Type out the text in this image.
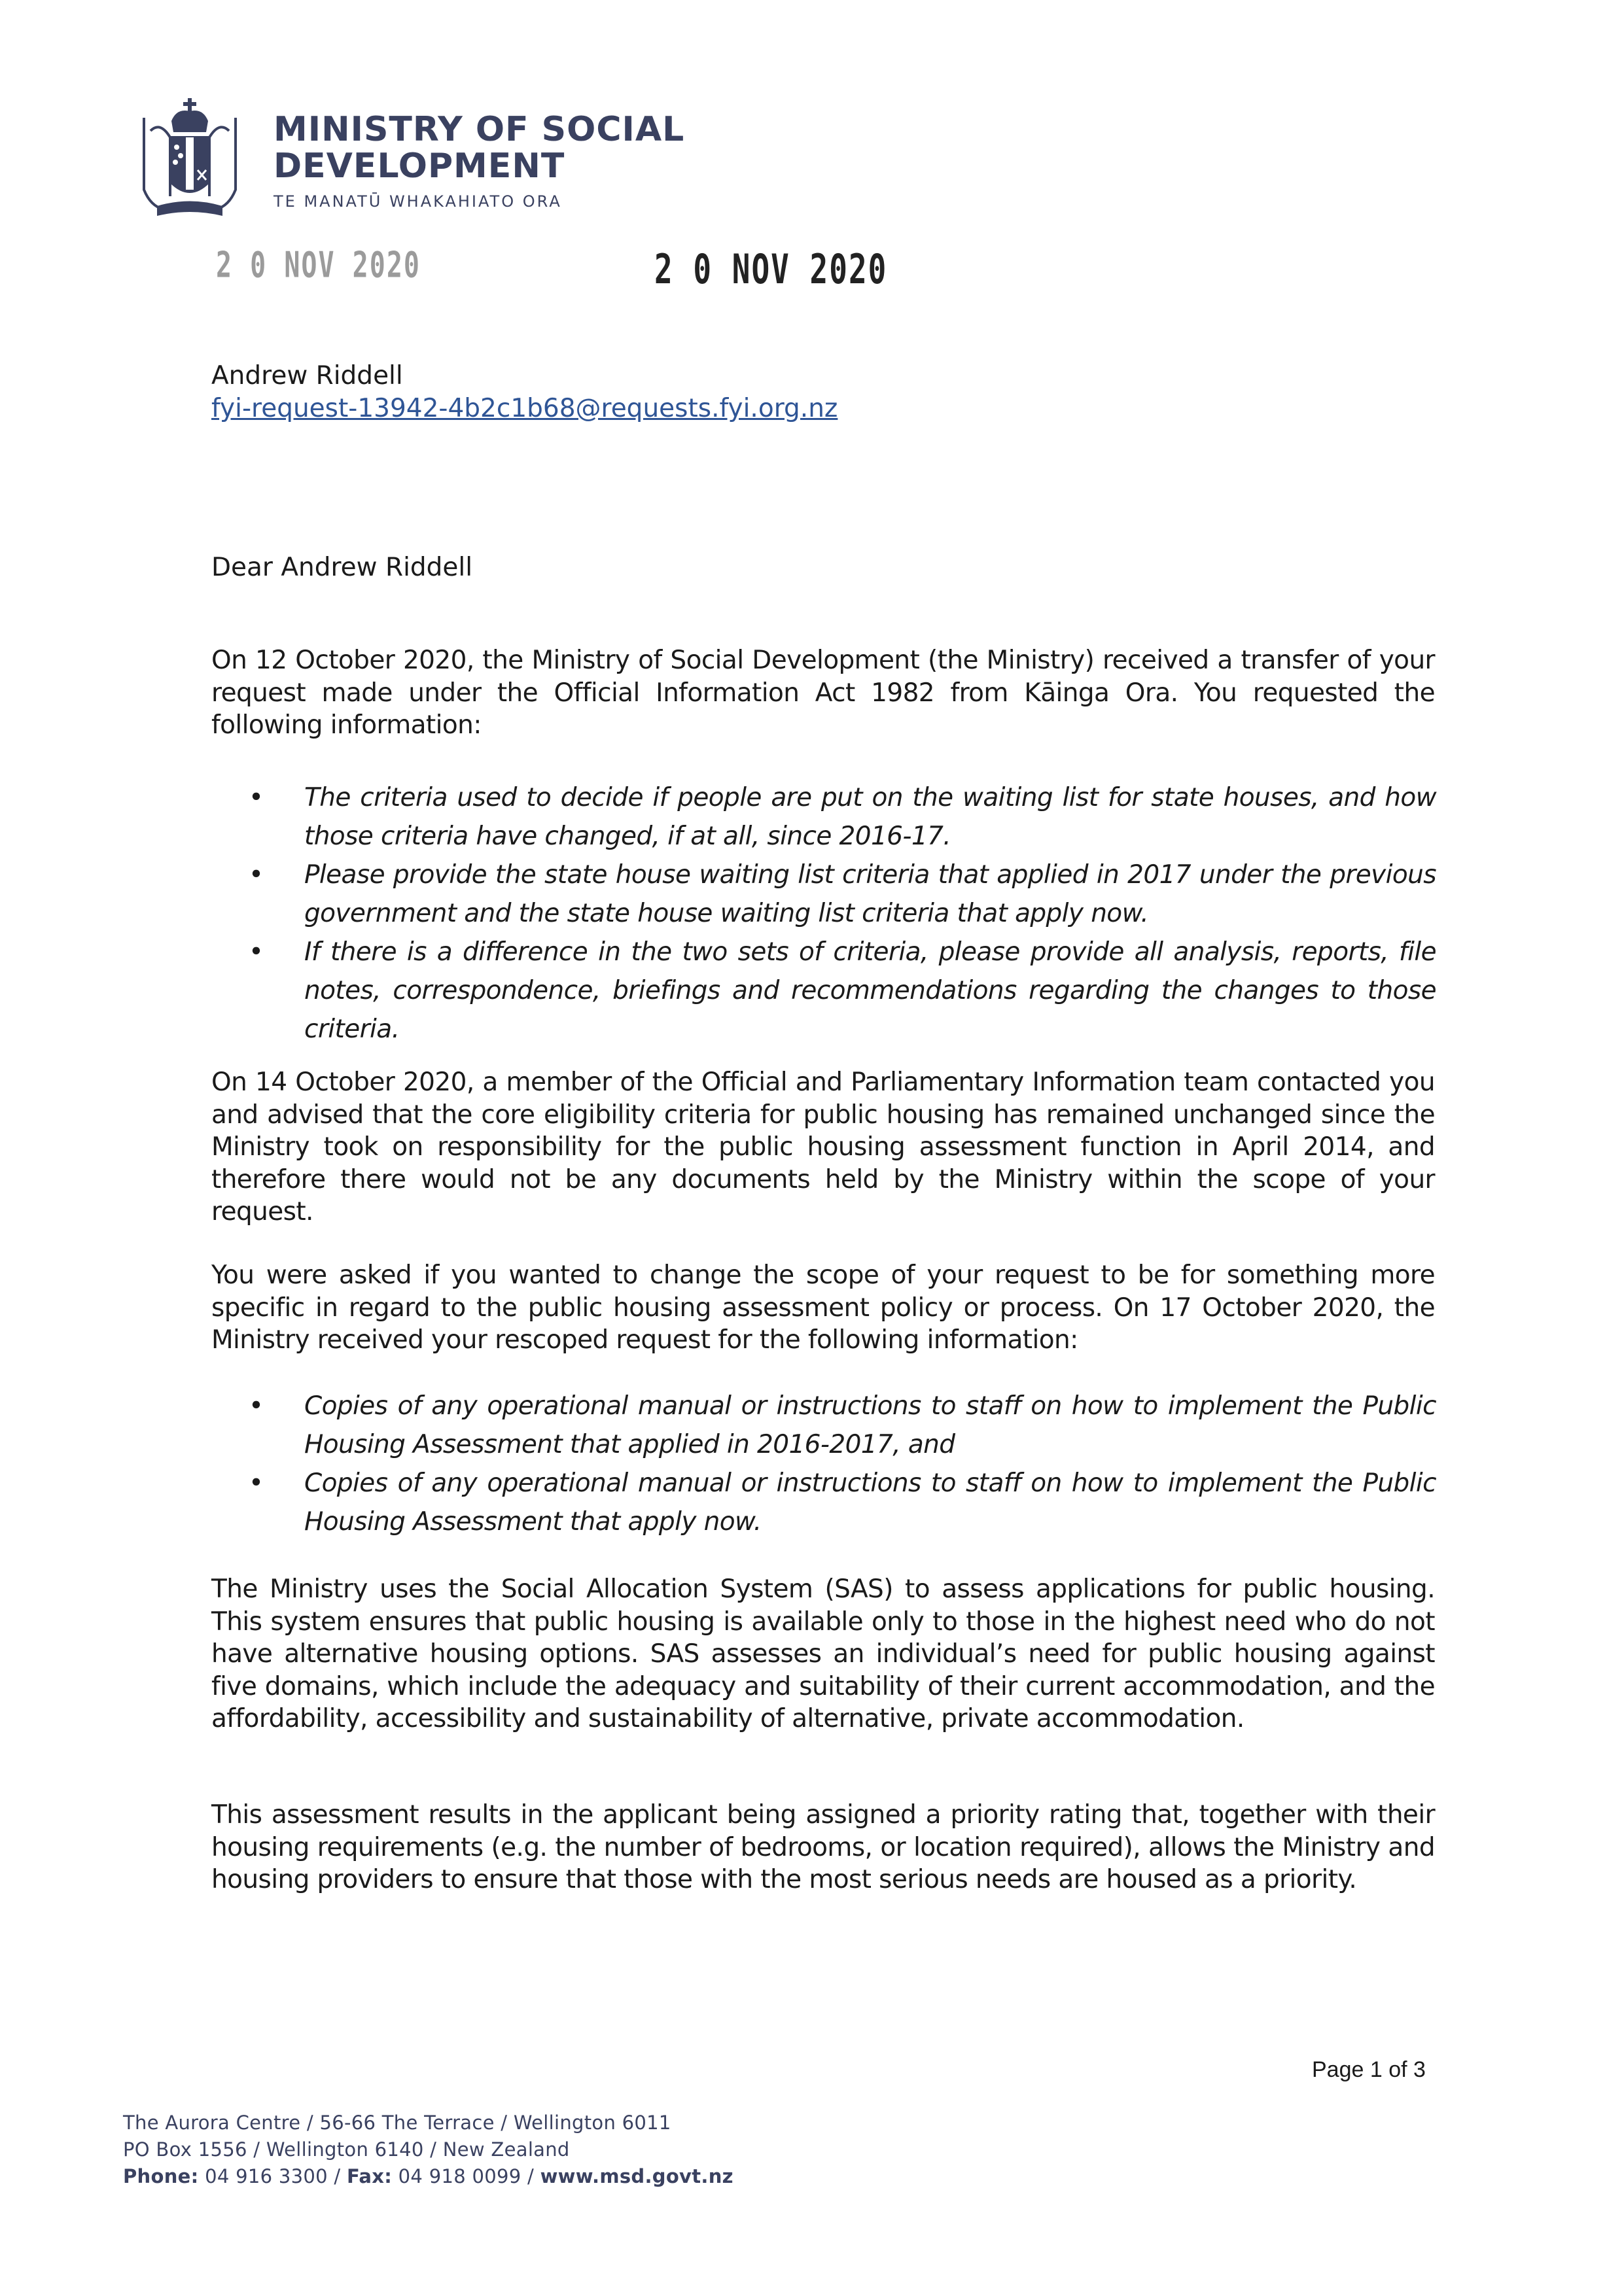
MINISTRY OF SOCIAL
DEVELOPMENT
TE MANATŪ WHAKAHIATO ORA
2 0 NOV 2020	2 0 NOV 2020
Andrew Riddell
fyi-request-13942-4b2c1b68@requests.fyi.org.nz
Dear Andrew Riddell

On 12 October 2020, the Ministry of Social Development (the Ministry) received a transfer of your request made under the Official Information Act 1982 from Kāinga Ora. You requested the following information:

• The criteria used to decide if people are put on the waiting list for state houses, and how those criteria have changed, if at all, since 2016-17.
• Please provide the state house waiting list criteria that applied in 2017 under the previous government and the state house waiting list criteria that apply now.
• If there is a difference in the two sets of criteria, please provide all analysis, reports, file notes, correspondence, briefings and recommendations regarding the changes to those criteria.

On 14 October 2020, a member of the Official and Parliamentary Information team contacted you and advised that the core eligibility criteria for public housing has remained unchanged since the Ministry took on responsibility for the public housing assessment function in April 2014, and therefore there would not be any documents held by the Ministry within the scope of your request.

You were asked if you wanted to change the scope of your request to be for something more specific in regard to the public housing assessment policy or process. On 17 October 2020, the Ministry received your rescoped request for the following information:

• Copies of any operational manual or instructions to staff on how to implement the Public Housing Assessment that applied in 2016-2017, and
• Copies of any operational manual or instructions to staff on how to implement the Public Housing Assessment that apply now.

The Ministry uses the Social Allocation System (SAS) to assess applications for public housing. This system ensures that public housing is available only to those in the highest need who do not have alternative housing options. SAS assesses an individual’s need for public housing against five domains, which include the adequacy and suitability of their current accommodation, and the affordability, accessibility and sustainability of alternative, private accommodation.

This assessment results in the applicant being assigned a priority rating that, together with their housing requirements (e.g. the number of bedrooms, or location required), allows the Ministry and housing providers to ensure that those with the most serious needs are housed as a priority.

Page 1 of 3
The Aurora Centre / 56-66 The Terrace / Wellington 6011
PO Box 1556 / Wellington 6140 / New Zealand
Phone: 04 916 3300 / Fax: 04 918 0099 / www.msd.govt.nz
